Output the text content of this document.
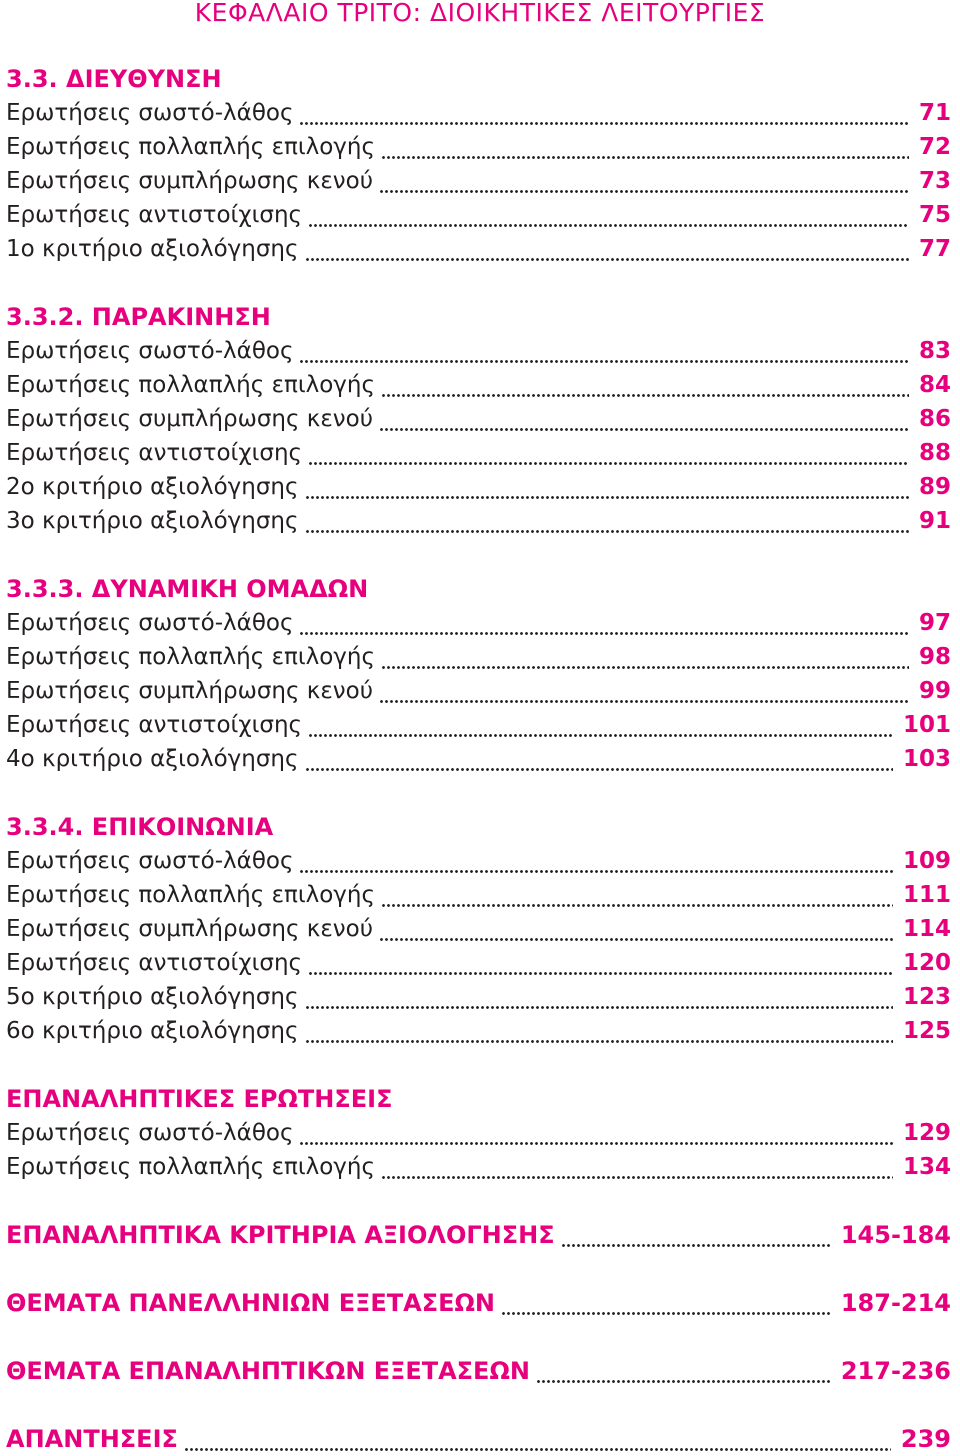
ΚΕΦΑΛΑΙΟ ΤΡΙΤΟ: ΔΙΟΙΚΗΤΙΚΕΣ ΛΕΙΤΟΥΡΓΙΕΣ
3.3. ΔΙΕΥΘΥΝΣΗ
Ερωτήσεις σωστό-λάθος	71
Ερωτήσεις πολλαπλής επιλογής	72
Ερωτήσεις συμπλήρωσης κενού	73
Ερωτήσεις αντιστοίχισης	75
1ο κριτήριο αξιολόγησης	77
3.3.2. ΠΑΡΑΚΙΝΗΣΗ
Ερωτήσεις σωστό-λάθος	83
Ερωτήσεις πολλαπλής επιλογής	84
Ερωτήσεις συμπλήρωσης κενού	86
Ερωτήσεις αντιστοίχισης	88
2ο κριτήριο αξιολόγησης	89
3ο κριτήριο αξιολόγησης	91
3.3.3. ΔΥΝΑΜΙΚΗ ΟΜΑΔΩΝ
Ερωτήσεις σωστό-λάθος	97
Ερωτήσεις πολλαπλής επιλογής	98
Ερωτήσεις συμπλήρωσης κενού	99
Ερωτήσεις αντιστοίχισης	101
4ο κριτήριο αξιολόγησης	103
3.3.4. ΕΠΙΚΟΙΝΩΝΙΑ
Ερωτήσεις σωστό-λάθος	109
Ερωτήσεις πολλαπλής επιλογής	111
Ερωτήσεις συμπλήρωσης κενού	114
Ερωτήσεις αντιστοίχισης	120
5ο κριτήριο αξιολόγησης	123
6ο κριτήριο αξιολόγησης	125
ΕΠΑΝΑΛΗΠΤΙΚΕΣ ΕΡΩΤΗΣΕΙΣ
Ερωτήσεις σωστό-λάθος	129
Ερωτήσεις πολλαπλής επιλογής	134
ΕΠΑΝΑΛΗΠΤΙΚΑ ΚΡΙΤΗΡΙΑ ΑΞΙΟΛΟΓΗΣΗΣ	145-184
ΘΕΜΑΤΑ ΠΑΝΕΛΛΗΝΙΩΝ ΕΞΕΤΑΣΕΩΝ	187-214
ΘΕΜΑΤΑ ΕΠΑΝΑΛΗΠΤΙΚΩΝ ΕΞΕΤΑΣΕΩΝ	217-236
ΑΠΑΝΤΗΣΕΙΣ	239
